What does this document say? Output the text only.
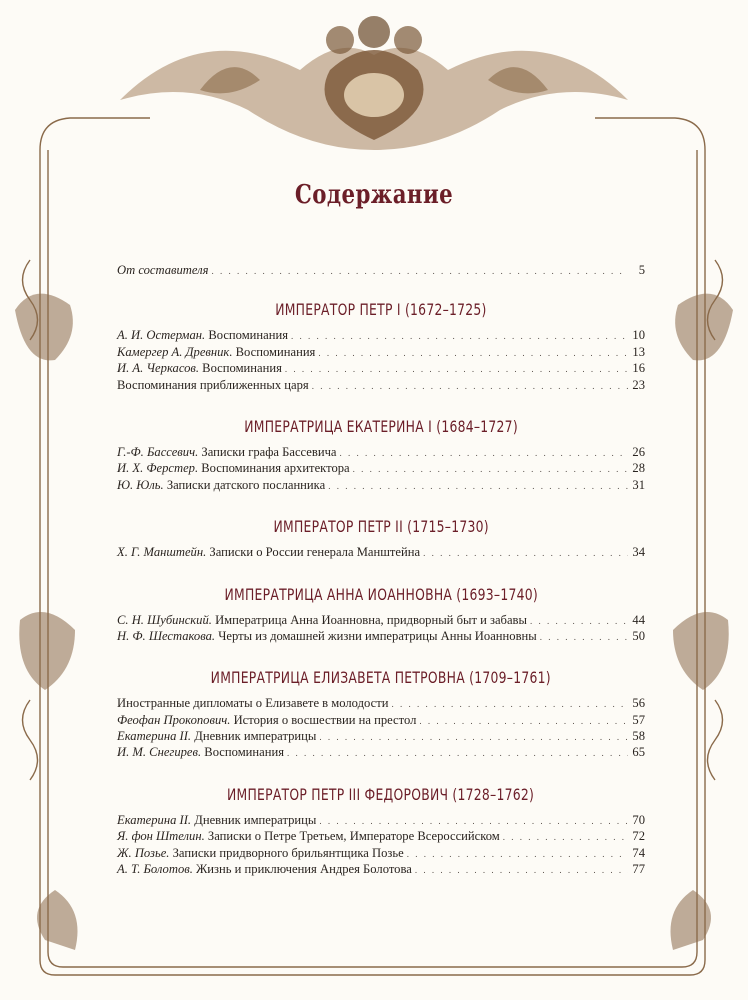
Содержание
От составителя . . .	5
ИМПЕРАТОР ПЕТР I (1672–1725)
А. И. Остерман. Воспоминания . . .	10
Камергер А. Древник. Воспоминания . . .	13
И. А. Черкасов. Воспоминания . . .	16
Воспоминания приближенных царя . . .	23
ИМПЕРАТРИЦА ЕКАТЕРИНА I (1684–1727)
Г.-Ф. Бассевич. Записки графа Бассевича . . .	26
И. Х. Ферстер. Воспоминания архитектора . . .	28
Ю. Юль. Записки датского посланника . . .	31
ИМПЕРАТОР ПЕТР II (1715–1730)
Х. Г. Манштейн. Записки о России генерала Манштейна . . .	34
ИМПЕРАТРИЦА АННА ИОАННОВНА (1693–1740)
С. Н. Шубинский. Императрица Анна Иоанновна, придворный быт и забавы . . .	44
Н. Ф. Шестакова. Черты из домашней жизни императрицы Анны Иоанновны . . .	50
ИМПЕРАТРИЦА ЕЛИЗАВЕТА ПЕТРОВНА (1709–1761)
Иностранные дипломаты о Елизавете в молодости . . .	56
Феофан Прокопович. История о восшествии на престол . . .	57
Екатерина II. Дневник императрицы . . .	58
И. М. Снегирев. Воспоминания . . .	65
ИМПЕРАТОР ПЕТР III ФЕДОРОВИЧ (1728–1762)
Екатерина II. Дневник императрицы . . .	70
Я. фон Штелин. Записки о Петре Третьем, Императоре Всероссийском . . .	72
Ж. Позье. Записки придворного брильянтщика Позье . . .	74
А. Т. Болотов. Жизнь и приключения Андрея Болотова . . .	77
